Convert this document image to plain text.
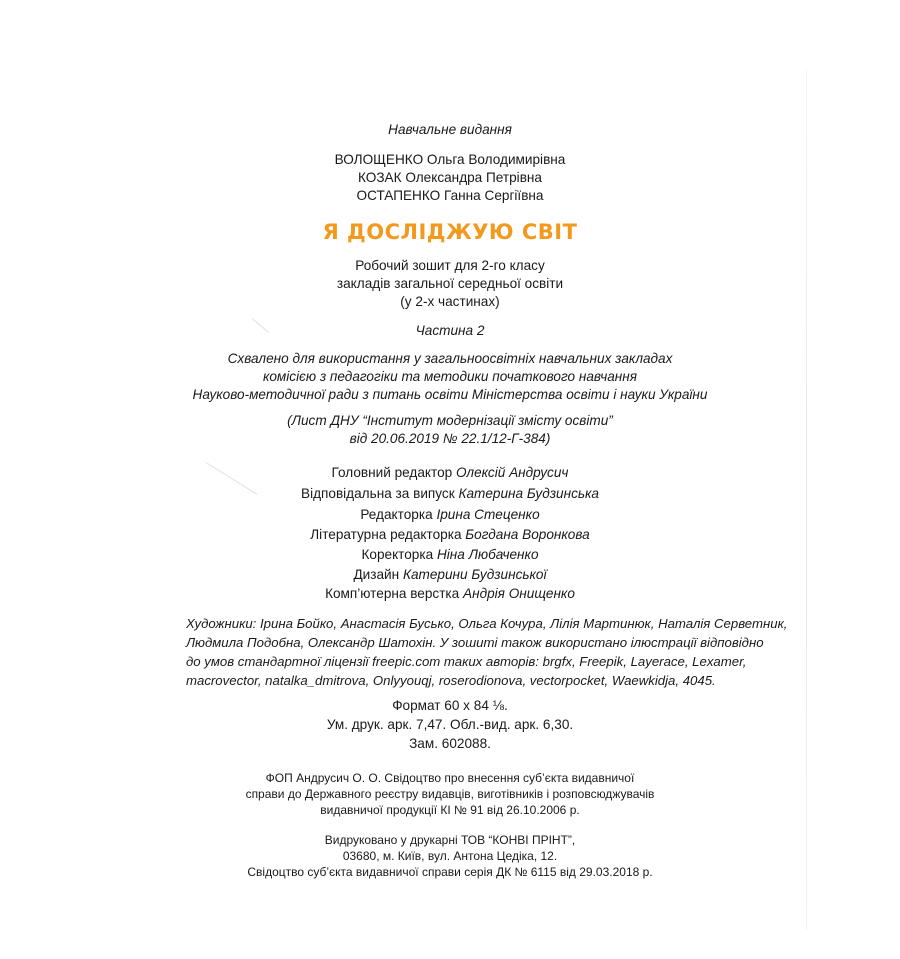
Навчальне видання
ВОЛОЩЕНКО Ольга Володимирівна
КОЗАК Олександра Петрівна
ОСТАПЕНКО Ганна Сергіївна
Я ДОСЛІДЖУЮ СВІТ
Робочий зошит для 2-го класу
закладів загальної середньої освіти
(у 2-х частинах)
Частина 2
Схвалено для використання у загальноосвітніх навчальних закладах
комісією з педагогіки та методики початкового навчання
Науково-методичної ради з питань освіти Міністерства освіти і науки України
(Лист ДНУ “Інститут модернізації змісту освіти”
від 20.06.2019 № 22.1/12-Г-384)
Головний редактор Олексій Андрусич
Відповідальна за випуск Катерина Будзинська
Редакторка Ірина Стеценко
Літературна редакторка Богдана Воронкова
Коректорка Ніна Любаченко
Дизайн Катерини Будзинської
Комп’ютерна верстка Андрія Онищенко
Художники: Ірина Бойко, Анастасія Бусько, Ольга Кочура, Лілія Мартинюк, Наталія Серветник,
Людмила Подобна, Олександр Шатохін. У зошиті також використано ілюстрації відповідно
до умов стандартної ліцензії freepic.com таких авторів: brgfx, Freepik, Layerace, Lexamer,
macrovector, natalka_dmitrova, Onlyyouqj, roserodionova, vectorpocket, Waewkidja, 4045.
Формат 60 х 84 ⅛.
Ум. друк. арк. 7,47. Обл.-вид. арк. 6,30.
Зам. 602088.
ФОП Андрусич О. О. Свідоцтво про внесення суб’єкта видавничої
справи до Державного реєстру видавців, виготівників і розповсюджувачів
видавничої продукції КІ № 91 від 26.10.2006 р.
Видруковано у друкарні ТОВ “КОНВІ ПРІНТ”,
03680, м. Київ, вул. Антона Цедіка, 12.
Свідоцтво суб’єкта видавничої справи серія ДК № 6115 від 29.03.2018 р.
